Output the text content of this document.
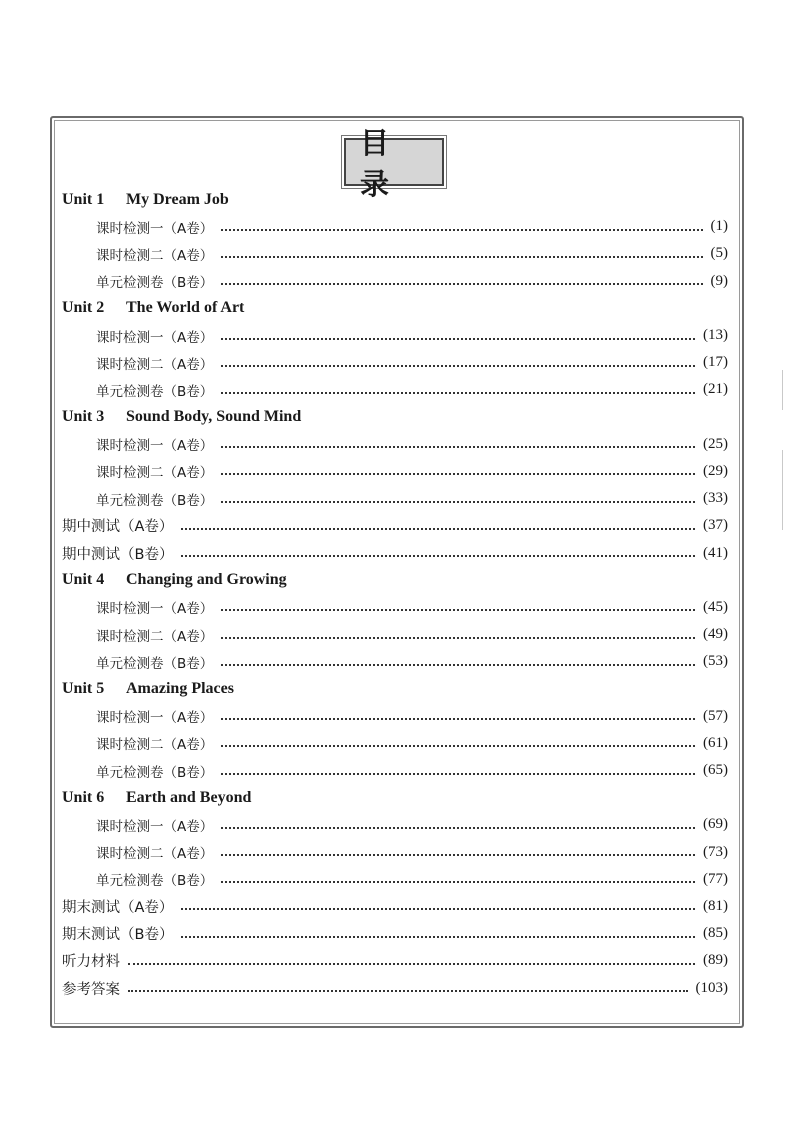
目 录
Unit 1	My Dream Job
课时检测一（A卷）	(1)
课时检测二（A卷）	(5)
单元检测卷（B卷）	(9)
Unit 2	The World of Art
课时检测一（A卷）	(13)
课时检测二（A卷）	(17)
单元检测卷（B卷）	(21)
Unit 3	Sound Body, Sound Mind
课时检测一（A卷）	(25)
课时检测二（A卷）	(29)
单元检测卷（B卷）	(33)
期中测试（A卷）	(37)
期中测试（B卷）	(41)
Unit 4	Changing and Growing
课时检测一（A卷）	(45)
课时检测二（A卷）	(49)
单元检测卷（B卷）	(53)
Unit 5	Amazing Places
课时检测一（A卷）	(57)
课时检测二（A卷）	(61)
单元检测卷（B卷）	(65)
Unit 6	Earth and Beyond
课时检测一（A卷）	(69)
课时检测二（A卷）	(73)
单元检测卷（B卷）	(77)
期末测试（A卷）	(81)
期末测试（B卷）	(85)
听力材料	(89)
参考答案	(103)
